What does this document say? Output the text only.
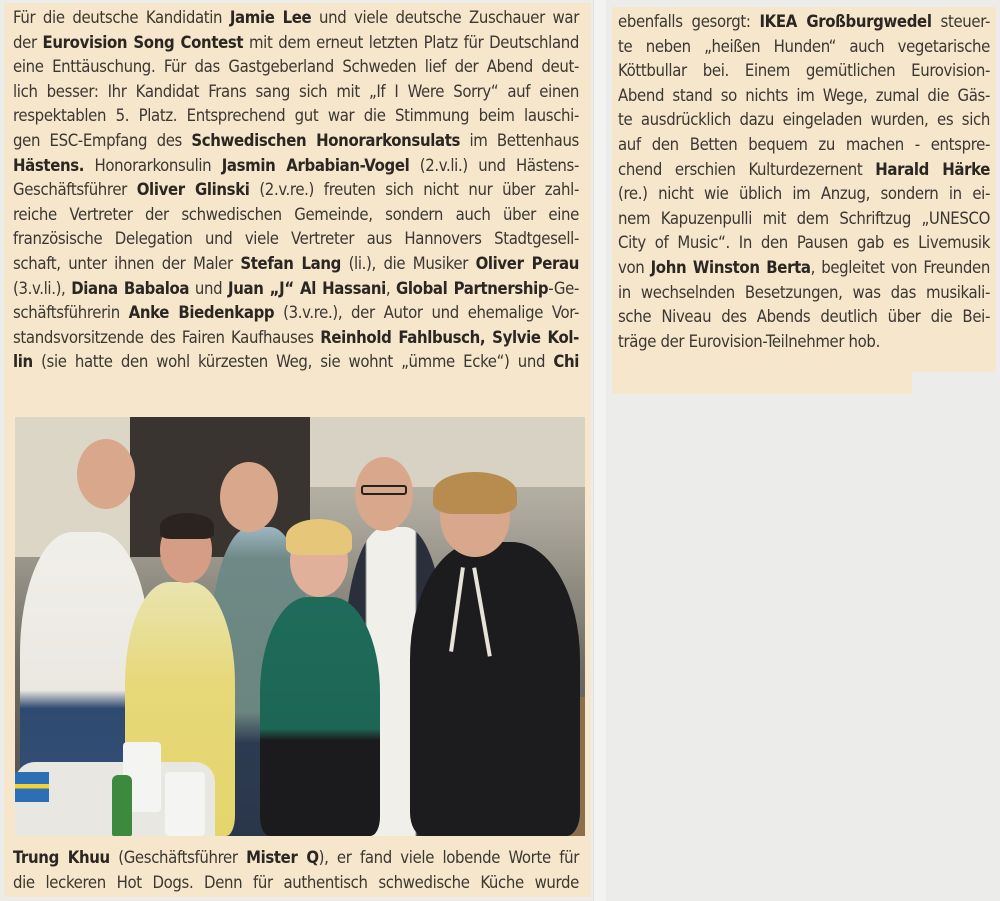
Für die deutsche Kandidatin Jamie Lee und viele deutsche Zuschauer war
der Eurovision Song Contest mit dem erneut letzten Platz für Deutschland
eine Enttäuschung. Für das Gastgeberland Schweden lief der Abend deut-
lich besser: Ihr Kandidat Frans sang sich mit „If I Were Sorry“ auf einen
respektablen 5. Platz. Entsprechend gut war die Stimmung beim lauschi-
gen ESC-Empfang des Schwedischen Honorarkonsulats im Bettenhaus
Hästens. Honorarkonsulin Jasmin Arbabian-Vogel (2.v.li.) und Hästens-
Geschäftsführer Oliver Glinski (2.v.re.) freuten sich nicht nur über zahl-
reiche Vertreter der schwedischen Gemeinde, sondern auch über eine
französische Delegation und viele Vertreter aus Hannovers Stadtgesell-
schaft, unter ihnen der Maler Stefan Lang (li.), die Musiker Oliver Perau
(3.v.li.), Diana Babaloa und Juan „J“ Al Hassani, Global Partnership-Ge-
schäftsführerin Anke Biedenkapp (3.v.re.), der Autor und ehemalige Vor-
standsvorsitzende des Fairen Kaufhauses Reinhold Fahlbusch, Sylvie Kol-
lin (sie hatte den wohl kürzesten Weg, sie wohnt „ümme Ecke“) und Chi
Trung Khuu (Geschäftsführer Mister Q), er fand viele lobende Worte für
die leckeren Hot Dogs. Denn für authentisch schwedische Küche wurde
ebenfalls gesorgt: IKEA Großburgwedel steuer-
te neben „heißen Hunden“ auch vegetarische
Köttbullar bei. Einem gemütlichen Eurovision-
Abend stand so nichts im Wege, zumal die Gäs-
te ausdrücklich dazu eingeladen wurden, es sich
auf den Betten bequem zu machen - entspre-
chend erschien Kulturdezernent Harald Härke
(re.) nicht wie üblich im Anzug, sondern in ei-
nem Kapuzenpulli mit dem Schriftzug „UNESCO
City of Music“. In den Pausen gab es Livemusik
von John Winston Berta, begleitet von Freunden
in wechselnden Besetzungen, was das musikali-
sche Niveau des Abends deutlich über die Bei-
träge der Eurovision-Teilnehmer hob.
